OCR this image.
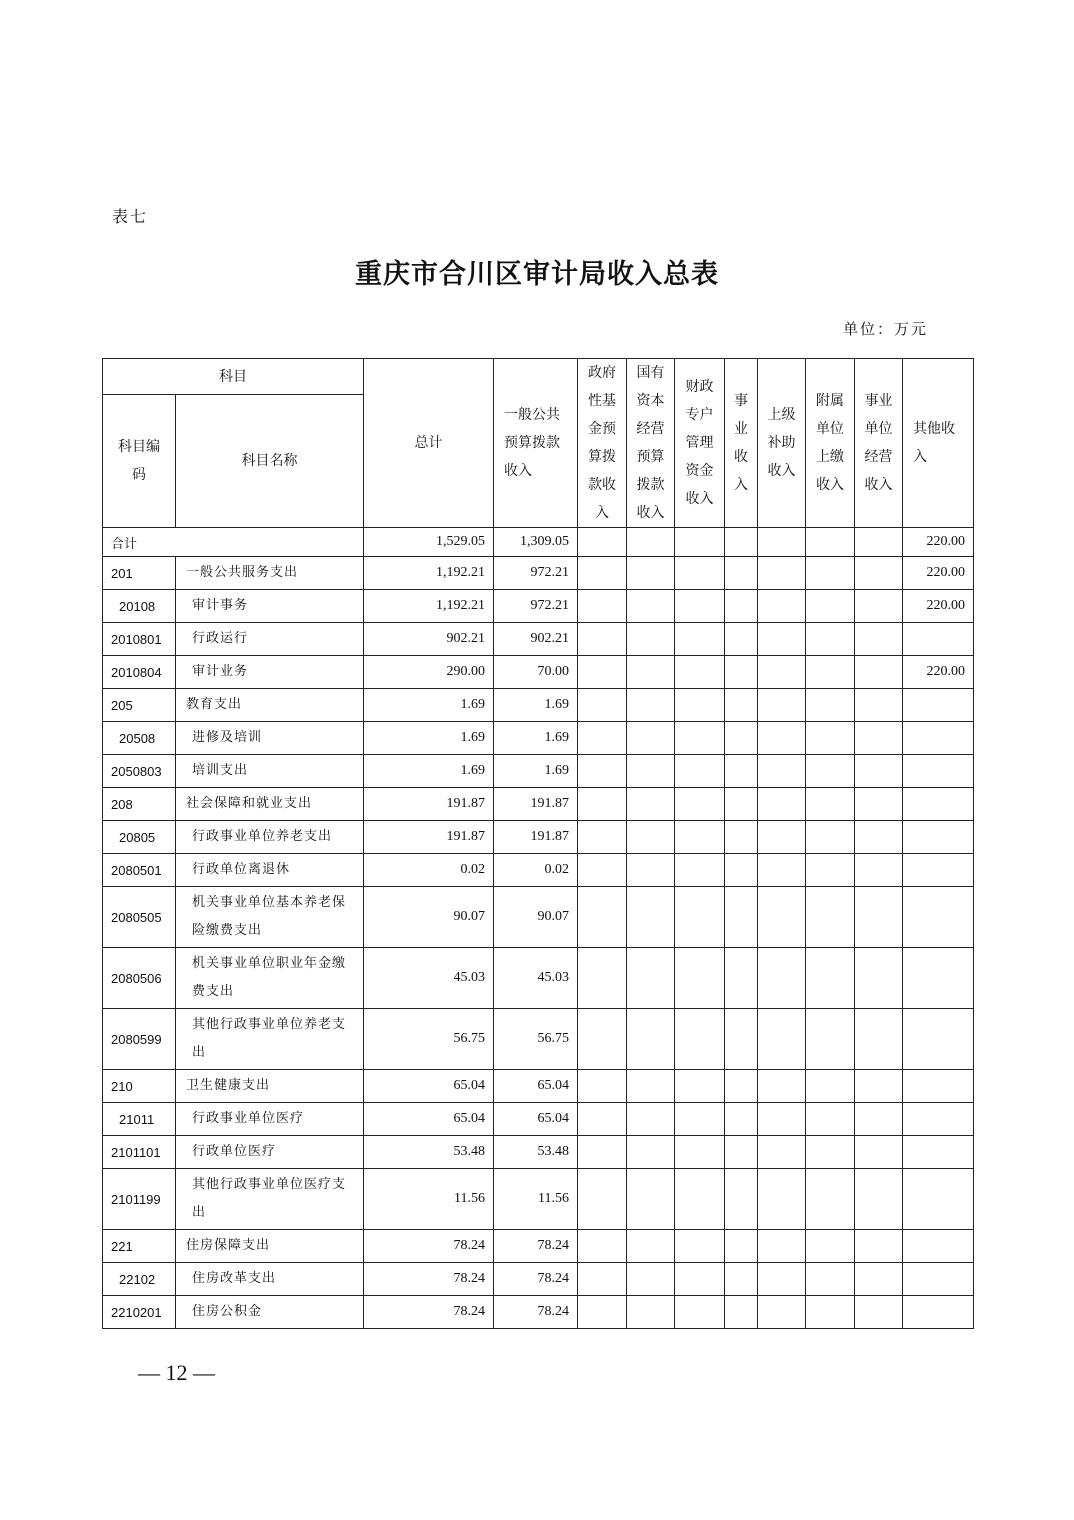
表七
重庆市合川区审计局收入总表
单位：万元
科目		总计	一般公共预算拨款收入	政府性基金预算拨款收入	国有资本经营预算拨款收入	财政专户管理资金收入	事业收入	上级补助收入	附属单位上缴收入	事业单位经营收入	其他收入
科目编码	科目名称										
合计		1,529.05	1,309.05								220.00
201	一般公共服务支出	1,192.21	972.21								220.00
20108	审计事务	1,192.21	972.21								220.00
2010801	行政运行	902.21	902.21								
2010804	审计业务	290.00	70.00								220.00
205	教育支出	1.69	1.69								
20508	进修及培训	1.69	1.69								
2050803	培训支出	1.69	1.69								
208	社会保障和就业支出	191.87	191.87								
20805	行政事业单位养老支出	191.87	191.87								
2080501	行政单位离退休	0.02	0.02								
2080505	机关事业单位基本养老保险缴费支出	90.07	90.07								
2080506	机关事业单位职业年金缴费支出	45.03	45.03								
2080599	其他行政事业单位养老支出	56.75	56.75								
210	卫生健康支出	65.04	65.04								
21011	行政事业单位医疗	65.04	65.04								
2101101	行政单位医疗	53.48	53.48								
2101199	其他行政事业单位医疗支出	11.56	11.56								
221	住房保障支出	78.24	78.24								
22102	住房改革支出	78.24	78.24								
2210201	住房公积金	78.24	78.24								
— 12 —
